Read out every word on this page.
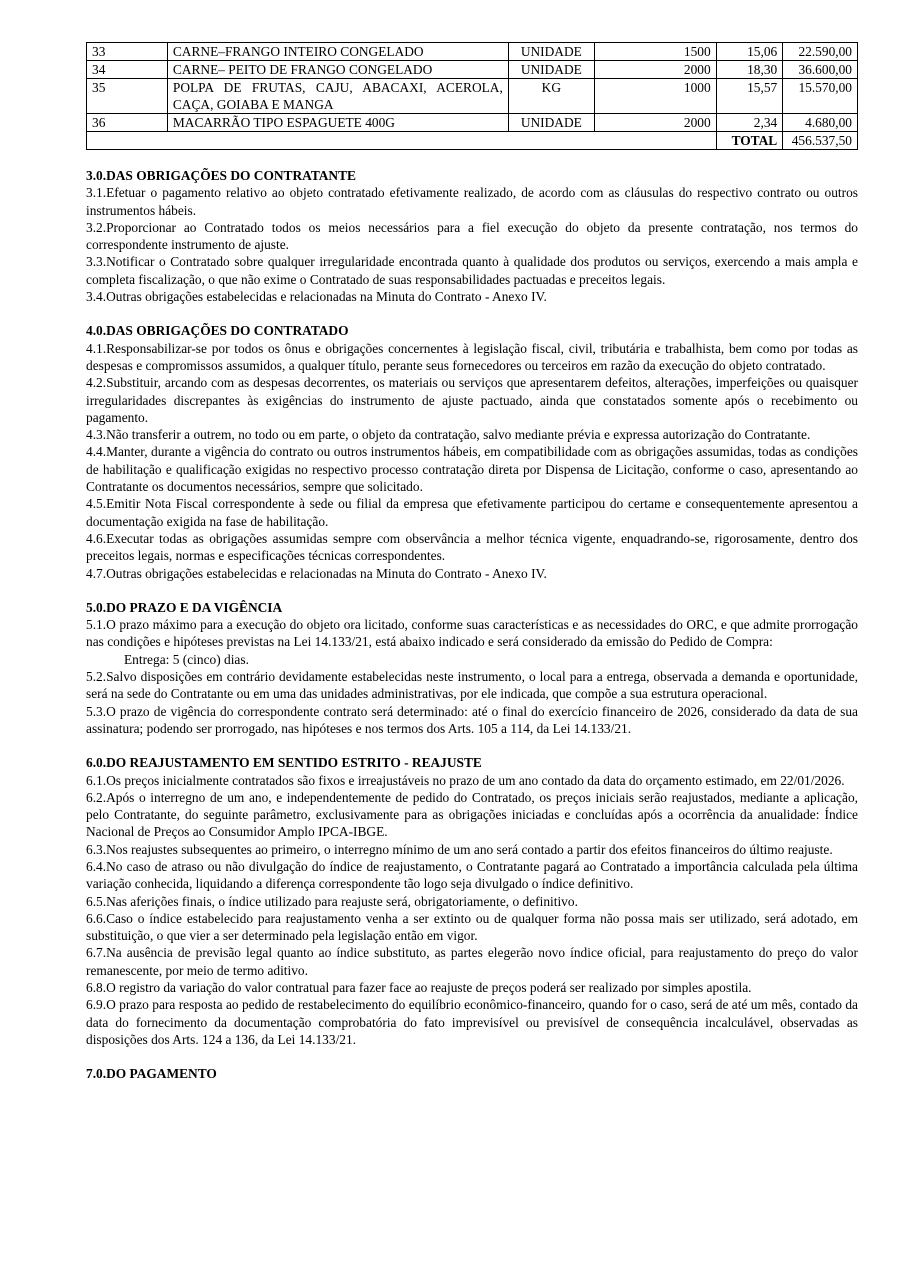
33	CARNE–FRANGO INTEIRO CONGELADO	UNIDADE	1500	15,06	22.590,00
34	CARNE– PEITO DE FRANGO CONGELADO	UNIDADE	2000	18,30	36.600,00
35	POLPA DE FRUTAS, CAJU, ABACAXI, ACEROLA, CAÇA, GOIABA E MANGA	KG	1000	15,57	15.570,00
36	MACARRÃO TIPO ESPAGUETE 400G	UNIDADE	2000	2,34	4.680,00
				TOTAL	456.537,50
3.0.DAS OBRIGAÇÕES DO CONTRATANTE

3.1.Efetuar o pagamento relativo ao objeto contratado efetivamente realizado, de acordo com as cláusulas do respectivo contrato ou outros instrumentos hábeis.

3.2.Proporcionar ao Contratado todos os meios necessários para a fiel execução do objeto da presente contratação, nos termos do correspondente instrumento de ajuste.

3.3.Notificar o Contratado sobre qualquer irregularidade encontrada quanto à qualidade dos produtos ou serviços, exercendo a mais ampla e completa fiscalização, o que não exime o Contratado de suas responsabilidades pactuadas e preceitos legais.

3.4.Outras obrigações estabelecidas e relacionadas na Minuta do Contrato - Anexo IV.

4.0.DAS OBRIGAÇÕES DO CONTRATADO

4.1.Responsabilizar-se por todos os ônus e obrigações concernentes à legislação fiscal, civil, tributária e trabalhista, bem como por todas as despesas e compromissos assumidos, a qualquer título, perante seus fornecedores ou terceiros em razão da execução do objeto contratado.

4.2.Substituir, arcando com as despesas decorrentes, os materiais ou serviços que apresentarem defeitos, alterações, imperfeições ou quaisquer irregularidades discrepantes às exigências do instrumento de ajuste pactuado, ainda que constatados somente após o recebimento ou pagamento.

4.3.Não transferir a outrem, no todo ou em parte, o objeto da contratação, salvo mediante prévia e expressa autorização do Contratante.

4.4.Manter, durante a vigência do contrato ou outros instrumentos hábeis, em compatibilidade com as obrigações assumidas, todas as condições de habilitação e qualificação exigidas no respectivo processo contratação direta por Dispensa de Licitação, conforme o caso, apresentando ao Contratante os documentos necessários, sempre que solicitado.

4.5.Emitir Nota Fiscal correspondente à sede ou filial da empresa que efetivamente participou do certame e consequentemente apresentou a documentação exigida na fase de habilitação.

4.6.Executar todas as obrigações assumidas sempre com observância a melhor técnica vigente, enquadrando-se, rigorosamente, dentro dos preceitos legais, normas e especificações técnicas correspondentes.

4.7.Outras obrigações estabelecidas e relacionadas na Minuta do Contrato - Anexo IV.

5.0.DO PRAZO E DA VIGÊNCIA

5.1.O prazo máximo para a execução do objeto ora licitado, conforme suas características e as necessidades do ORC, e que admite prorrogação nas condições e hipóteses previstas na Lei 14.133/21, está abaixo indicado e será considerado da emissão do Pedido de Compra:

Entrega: 5 (cinco) dias.

5.2.Salvo disposições em contrário devidamente estabelecidas neste instrumento, o local para a entrega, observada a demanda e oportunidade, será na sede do Contratante ou em uma das unidades administrativas, por ele indicada, que compõe a sua estrutura operacional.

5.3.O prazo de vigência do correspondente contrato será determinado: até o final do exercício financeiro de 2026, considerado da data de sua assinatura; podendo ser prorrogado, nas hipóteses e nos termos dos Arts. 105 a 114, da Lei 14.133/21.

6.0.DO REAJUSTAMENTO EM SENTIDO ESTRITO - REAJUSTE

6.1.Os preços inicialmente contratados são fixos e irreajustáveis no prazo de um ano contado da data do orçamento estimado, em 22/01/2026.

6.2.Após o interregno de um ano, e independentemente de pedido do Contratado, os preços iniciais serão reajustados, mediante a aplicação, pelo Contratante, do seguinte parâmetro, exclusivamente para as obrigações iniciadas e concluídas após a ocorrência da anualidade: Índice Nacional de Preços ao Consumidor Amplo IPCA-IBGE.

6.3.Nos reajustes subsequentes ao primeiro, o interregno mínimo de um ano será contado a partir dos efeitos financeiros do último reajuste.

6.4.No caso de atraso ou não divulgação do índice de reajustamento, o Contratante pagará ao Contratado a importância calculada pela última variação conhecida, liquidando a diferença correspondente tão logo seja divulgado o índice definitivo.

6.5.Nas aferições finais, o índice utilizado para reajuste será, obrigatoriamente, o definitivo.

6.6.Caso o índice estabelecido para reajustamento venha a ser extinto ou de qualquer forma não possa mais ser utilizado, será adotado, em substituição, o que vier a ser determinado pela legislação então em vigor.

6.7.Na ausência de previsão legal quanto ao índice substituto, as partes elegerão novo índice oficial, para reajustamento do preço do valor remanescente, por meio de termo aditivo.

6.8.O registro da variação do valor contratual para fazer face ao reajuste de preços poderá ser realizado por simples apostila.

6.9.O prazo para resposta ao pedido de restabelecimento do equilíbrio econômico-financeiro, quando for o caso, será de até um mês, contado da data do fornecimento da documentação comprobatória do fato imprevisível ou previsível de consequência incalculável, observadas as disposições dos Arts. 124 a 136, da Lei 14.133/21.

7.0.DO PAGAMENTO
